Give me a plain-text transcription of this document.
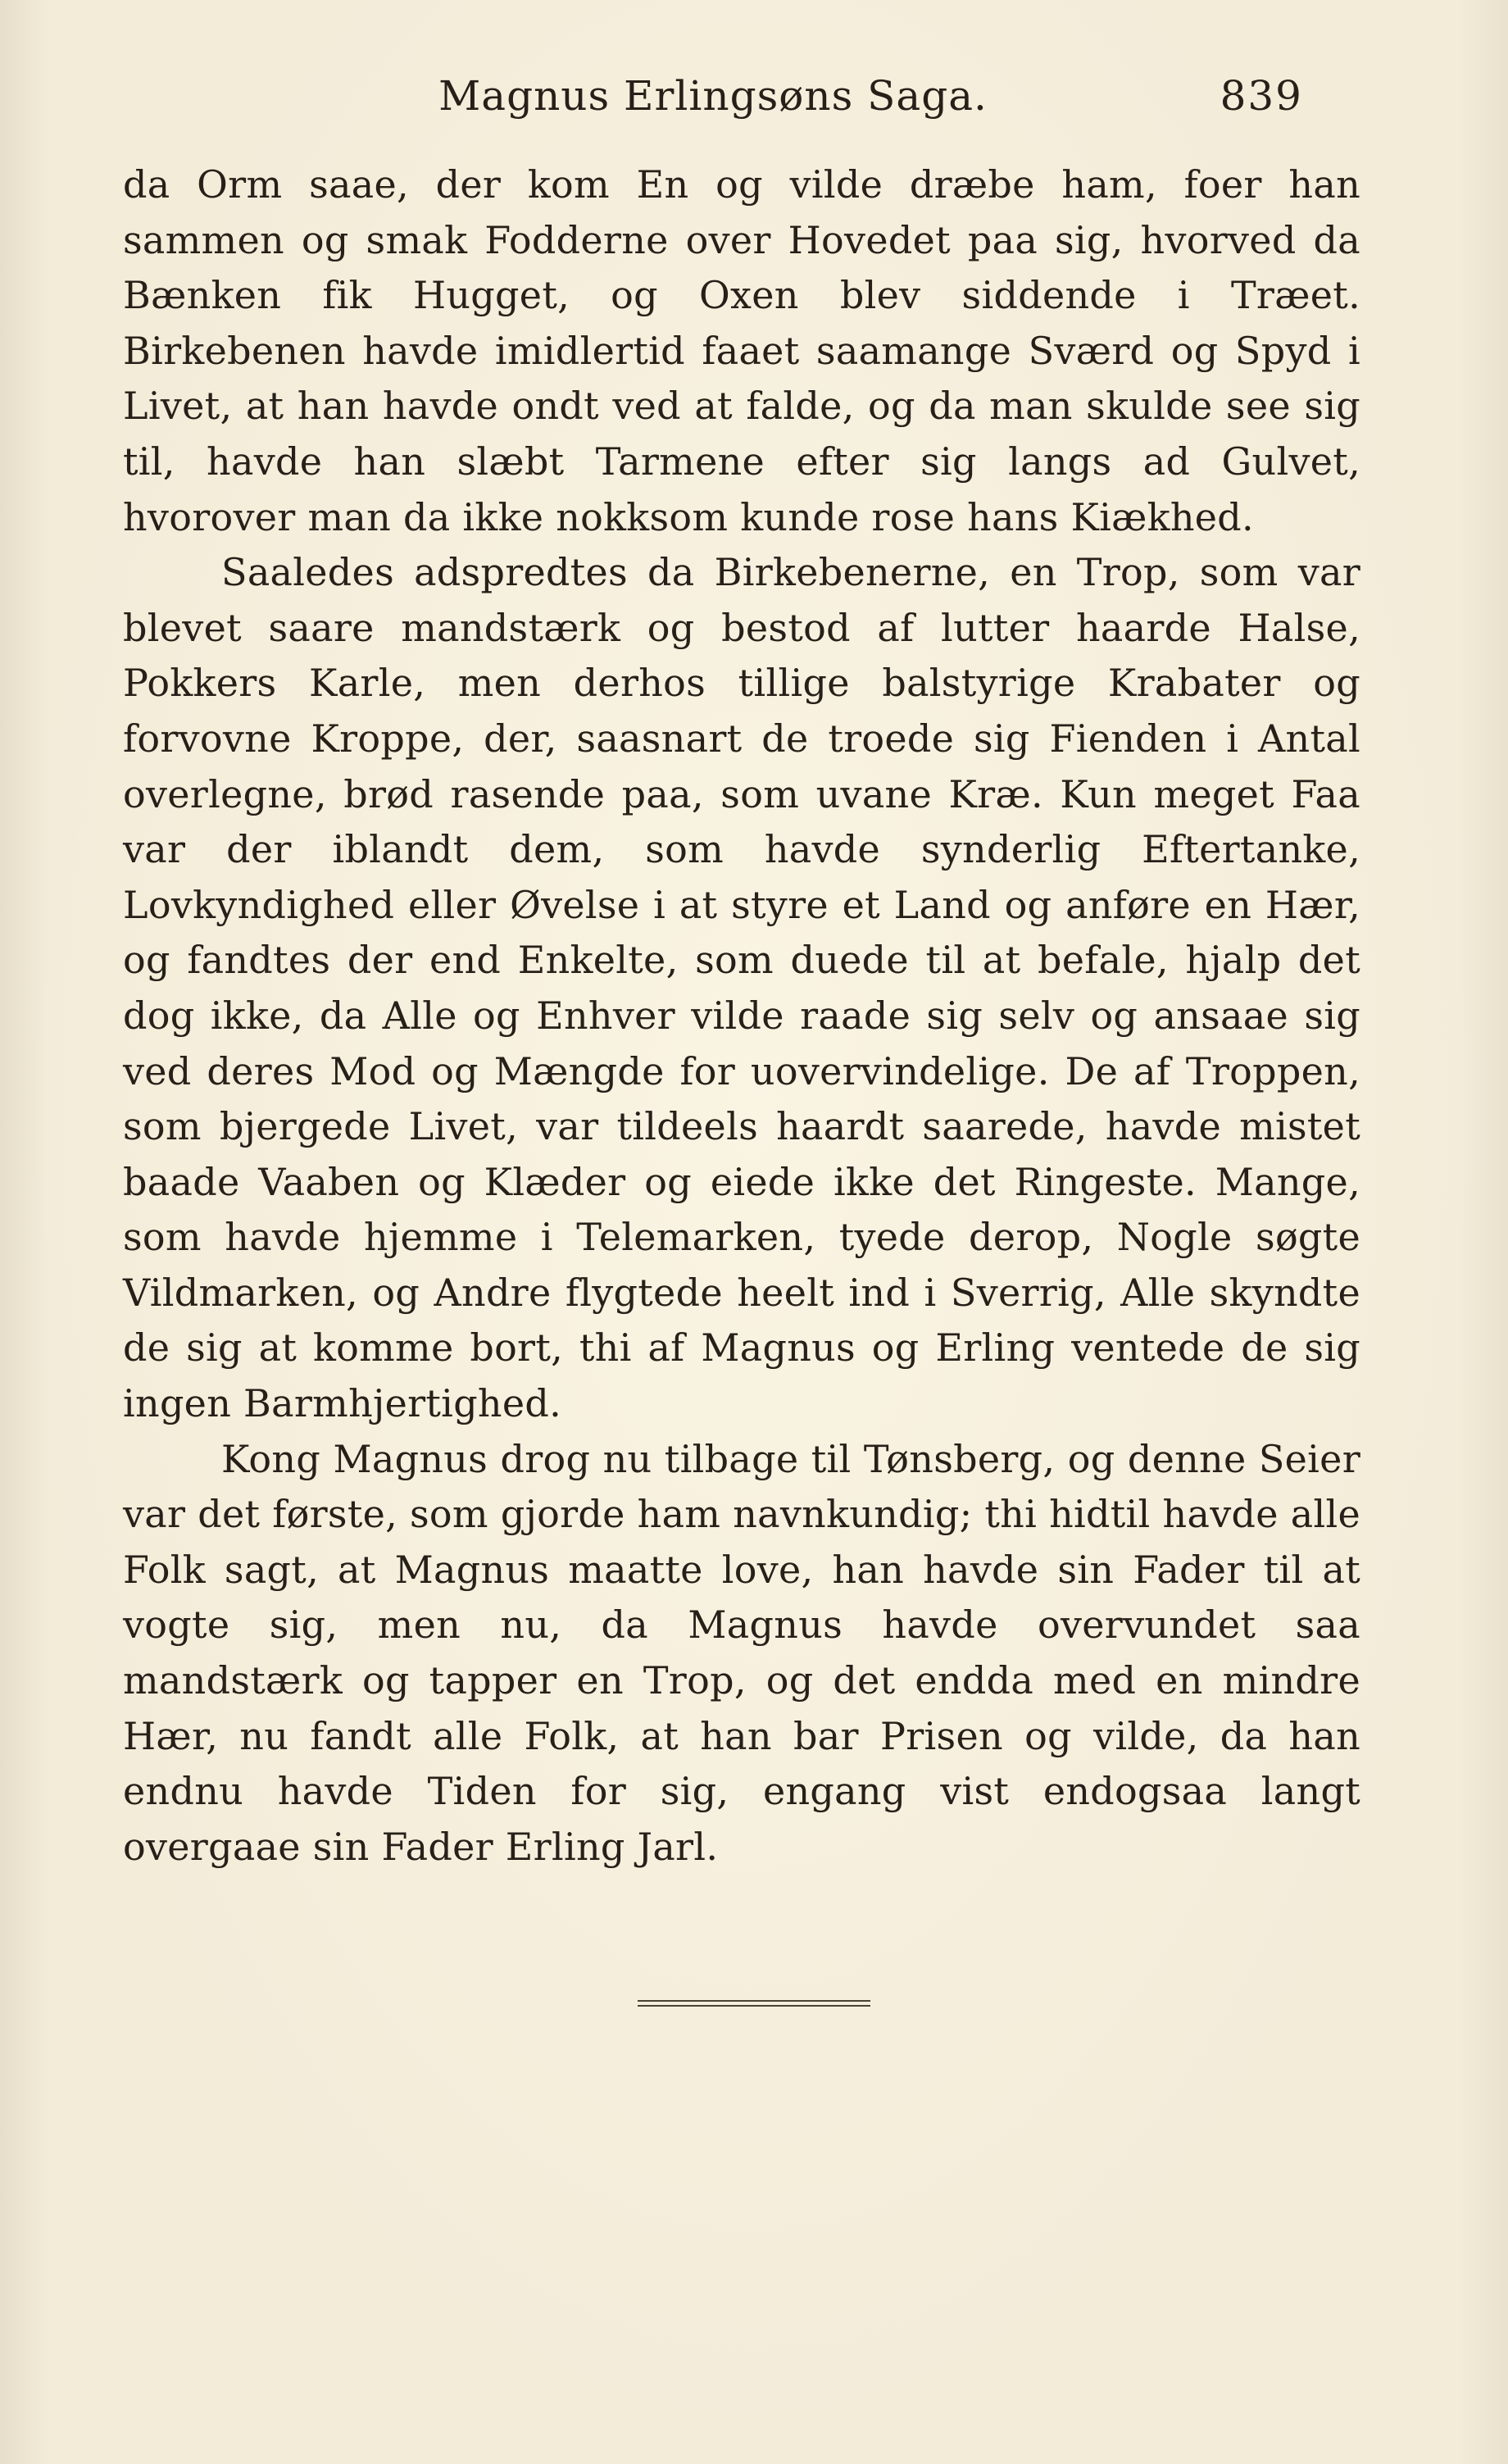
Magnus Erlingsøns Saga.	839

da Orm saae, der kom En og vilde dræbe ham, foer han sammen og smak Fodderne over Hovedet paa sig, hvorved da Bænken fik Hugget, og Oxen blev siddende i Træet. Birkebenen havde imidlertid faaet saamange Sværd og Spyd i Livet, at han havde ondt ved at falde, og da man skulde see sig til, havde han slæbt Tarmene efter sig langs ad Gulvet, hvorover man da ikke nokksom kunde rose hans Kiækhed.

Saaledes adspredtes da Birkebenerne, en Trop, som var blevet saare mandstærk og bestod af lutter haarde Halse, Pokkers Karle, men derhos tillige balstyrige Krabater og forvovne Kroppe, der, saasnart de troede sig Fienden i Antal overlegne, brød rasende paa, som uvane Kræ. Kun meget Faa var der iblandt dem, som havde synderlig Eftertanke, Lovkyndighed eller Øvelse i at styre et Land og anføre en Hær, og fandtes der end Enkelte, som duede til at befale, hjalp det dog ikke, da Alle og Enhver vilde raade sig selv og ansaae sig ved deres Mod og Mængde for uovervindelige. De af Troppen, som bjergede Livet, var tildeels haardt saarede, havde mistet baade Vaaben og Klæder og eiede ikke det Ringeste. Mange, som havde hjemme i Telemarken, tyede derop, Nogle søgte Vildmarken, og Andre flygtede heelt ind i Sverrig, Alle skyndte de sig at komme bort, thi af Magnus og Erling ventede de sig ingen Barmhjertighed.

Kong Magnus drog nu tilbage til Tønsberg, og denne Seier var det første, som gjorde ham navnkundig; thi hidtil havde alle Folk sagt, at Magnus maatte love, han havde sin Fader til at vogte sig, men nu, da Magnus havde overvundet saa mandstærk og tapper en Trop, og det endda med en mindre Hær, nu fandt alle Folk, at han bar Prisen og vilde, da han endnu havde Tiden for sig, engang vist endogsaa langt overgaae sin Fader Erling Jarl.
